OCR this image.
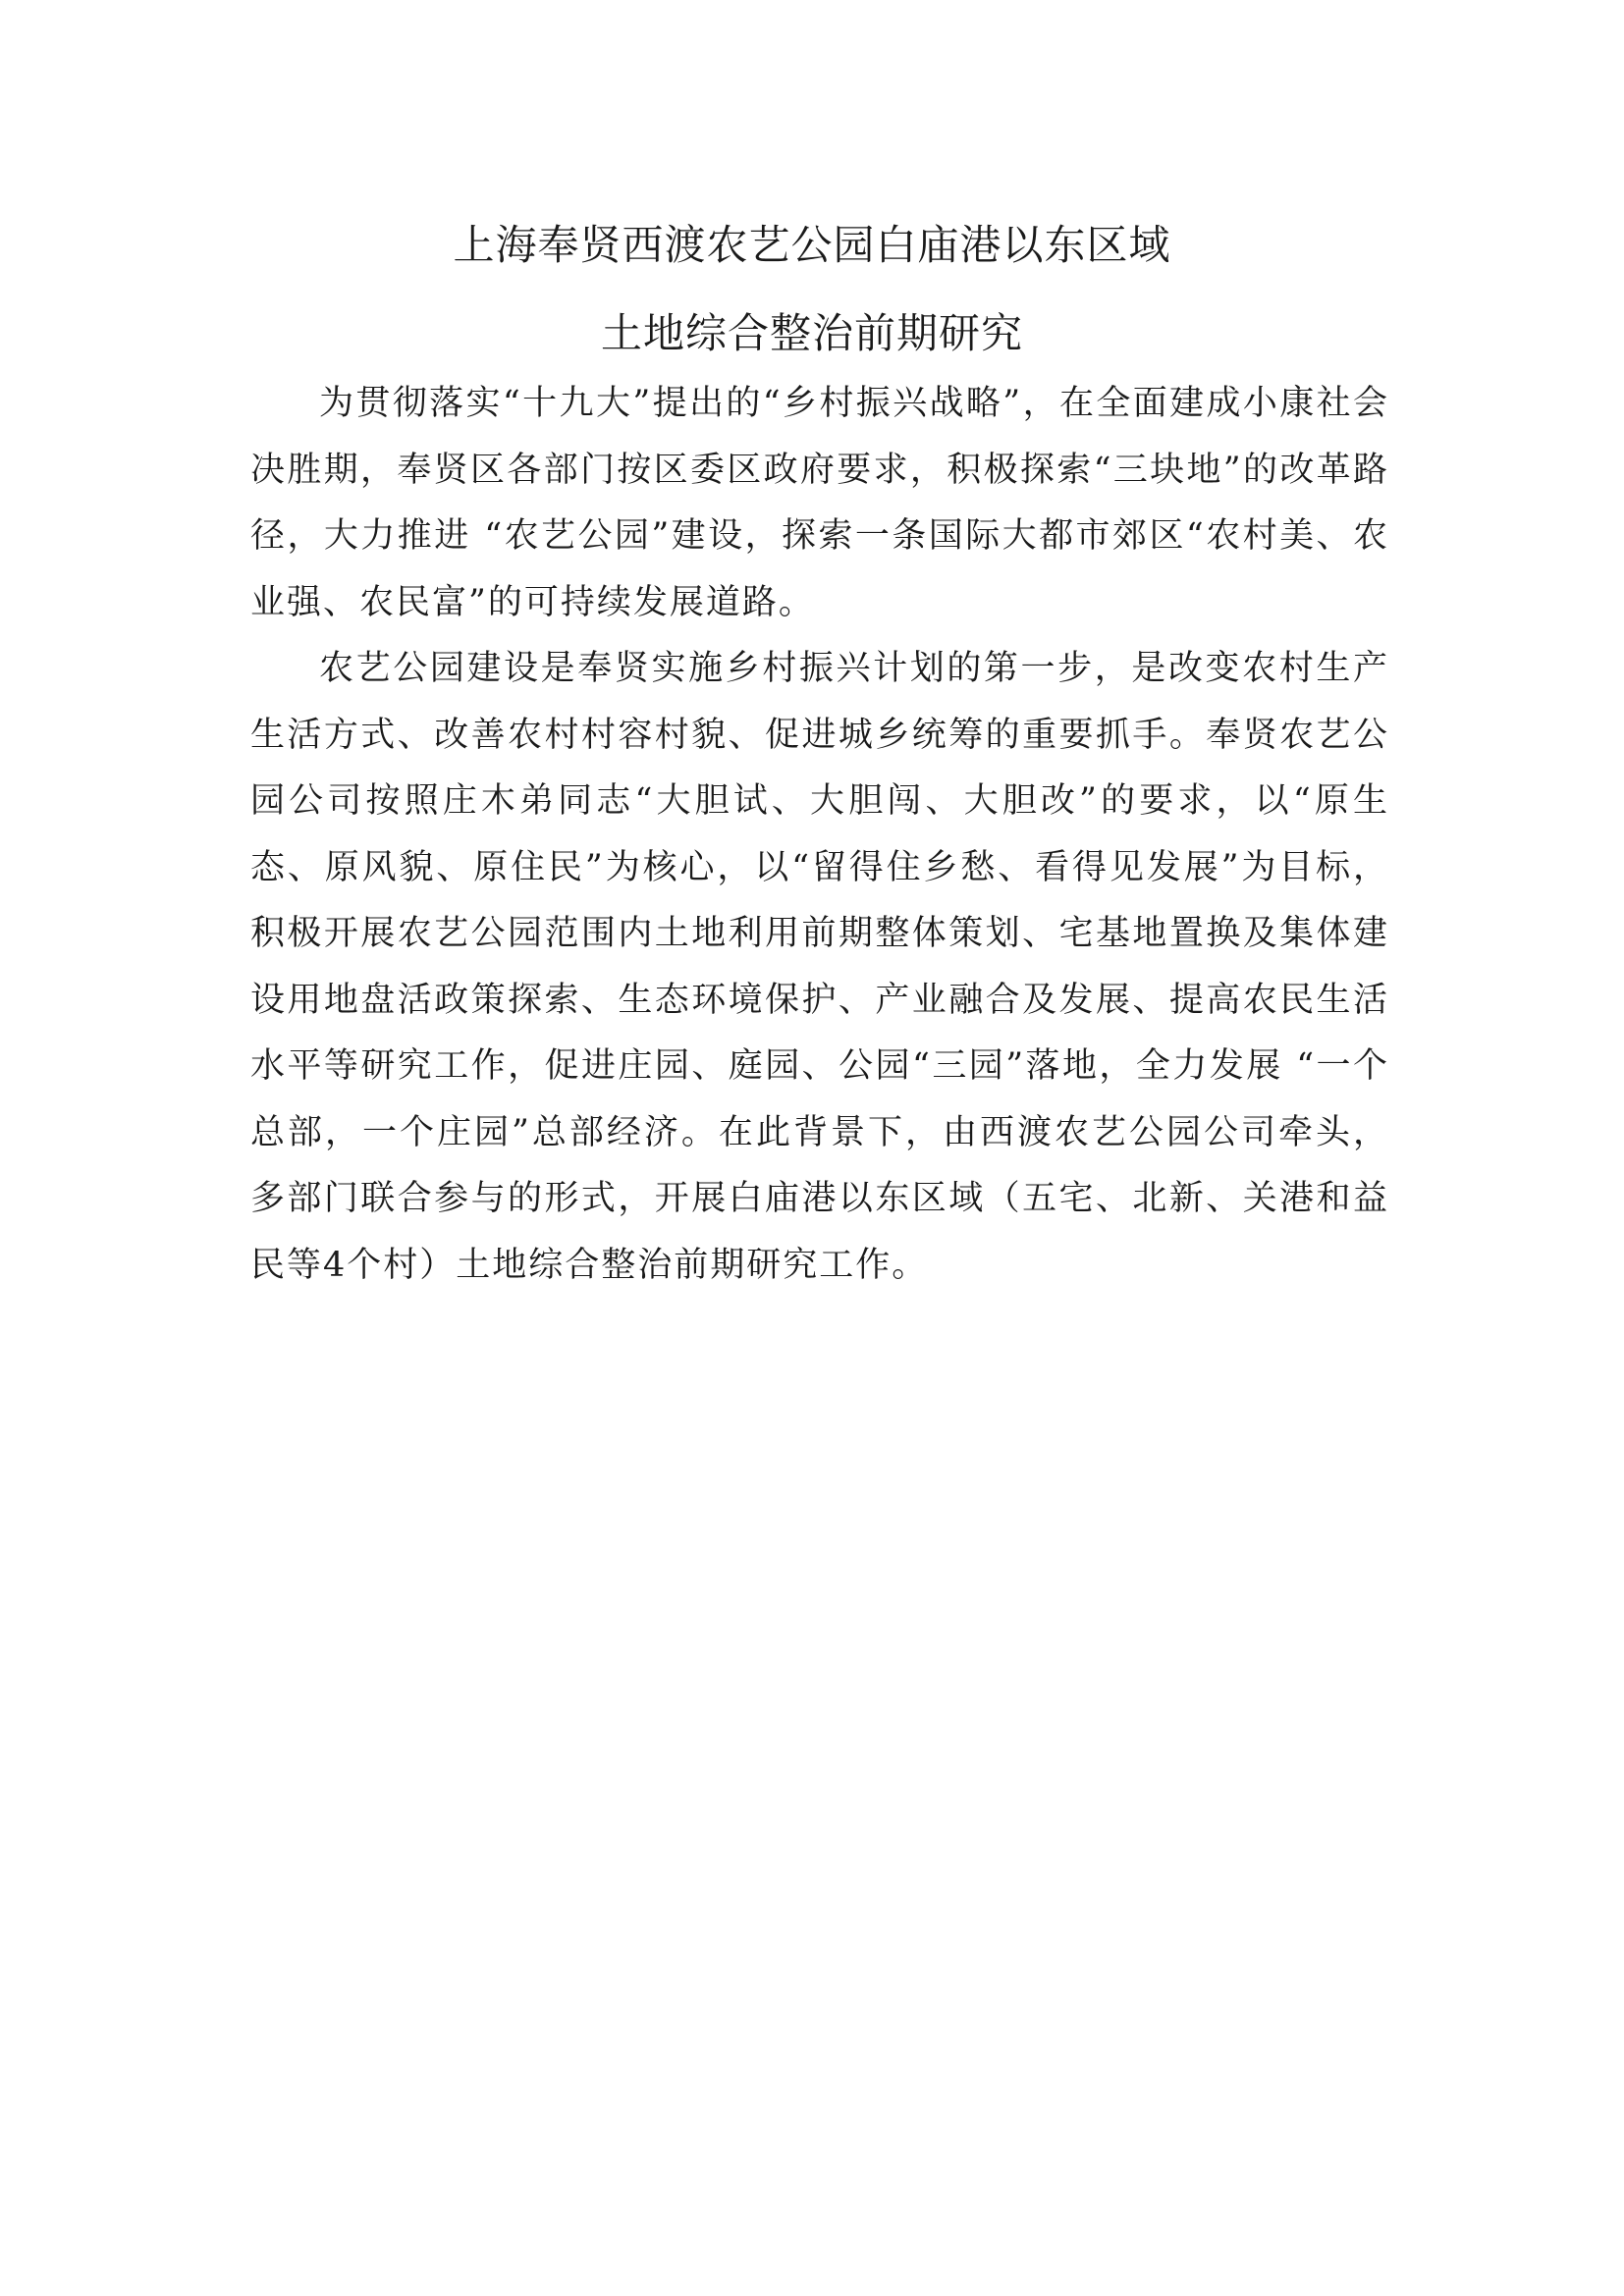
上海奉贤西渡农艺公园白庙港以东区域
土地综合整治前期研究

为贯彻落实“十九大”提出的“乡村振兴战略”，在全面建成小康社会决胜期，奉贤区各部门按区委区政府要求，积极探索“三块地”的改革路径，大力推进 “农艺公园”建设，探索一条国际大都市郊区“农村美、农业强、农民富”的可持续发展道路。

农艺公园建设是奉贤实施乡村振兴计划的第一步，是改变农村生产生活方式、改善农村村容村貌、促进城乡统筹的重要抓手。奉贤农艺公园公司按照庄木弟同志“大胆试、大胆闯、大胆改”的要求，以“原生态、原风貌、原住民”为核心，以“留得住乡愁、看得见发展”为目标，积极开展农艺公园范围内土地利用前期整体策划、宅基地置换及集体建设用地盘活政策探索、生态环境保护、产业融合及发展、提高农民生活水平等研究工作，促进庄园、庭园、公园“三园”落地，全力发展 “一个总部，一个庄园”总部经济。在此背景下，由西渡农艺公园公司牵头，多部门联合参与的形式，开展白庙港以东区域（五宅、北新、关港和益民等4个村）土地综合整治前期研究工作。
